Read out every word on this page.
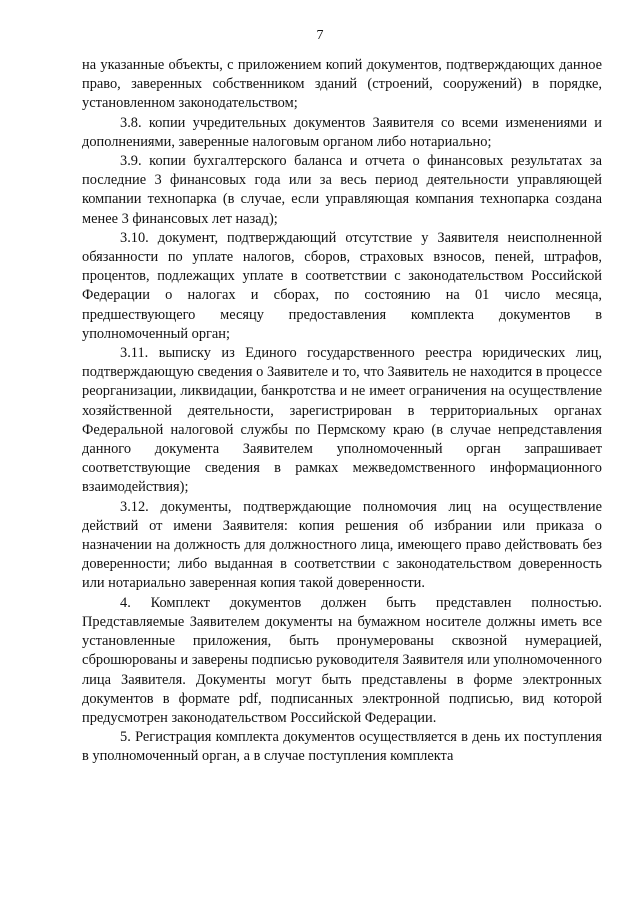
7

на указанные объекты, с приложением копий документов, подтверждающих данное право, заверенных собственником зданий (строений, сооружений) в порядке, установленном законодательством;

3.8. копии учредительных документов Заявителя со всеми изменениями и дополнениями, заверенные налоговым органом либо нотариально;

3.9. копии бухгалтерского баланса и отчета о финансовых результатах за последние 3 финансовых года или за весь период деятельности управляющей компании технопарка (в случае, если управляющая компания технопарка создана менее 3 финансовых лет назад);

3.10. документ, подтверждающий отсутствие у Заявителя неисполненной обязанности по уплате налогов, сборов, страховых взносов, пеней, штрафов, процентов, подлежащих уплате в соответствии с законодательством Российской Федерации о налогах и сборах, по состоянию на 01 число месяца, предшествующего месяцу предоставления комплекта документов в уполномоченный орган;

3.11. выписку из Единого государственного реестра юридических лиц, подтверждающую сведения о Заявителе и то, что Заявитель не находится в процессе реорганизации, ликвидации, банкротства и не имеет ограничения на осуществление хозяйственной деятельности, зарегистрирован в территориальных органах Федеральной налоговой службы по Пермскому краю (в случае непредставления данного документа Заявителем уполномоченный орган запрашивает соответствующие сведения в рамках межведомственного информационного взаимодействия);

3.12. документы, подтверждающие полномочия лиц на осуществление действий от имени Заявителя: копия решения об избрании или приказа о назначении на должность для должностного лица, имеющего право действовать без доверенности; либо выданная в соответствии с законодательством доверенность или нотариально заверенная копия такой доверенности.

4. Комплект документов должен быть представлен полностью. Представляемые Заявителем документы на бумажном носителе должны иметь все установленные приложения, быть пронумерованы сквозной нумерацией, сброшюрованы и заверены подписью руководителя Заявителя или уполномоченного лица Заявителя. Документы могут быть представлены в форме электронных документов в формате pdf, подписанных электронной подписью, вид которой предусмотрен законодательством Российской Федерации.

5. Регистрация комплекта документов осуществляется в день их поступления в уполномоченный орган, а в случае поступления комплекта
